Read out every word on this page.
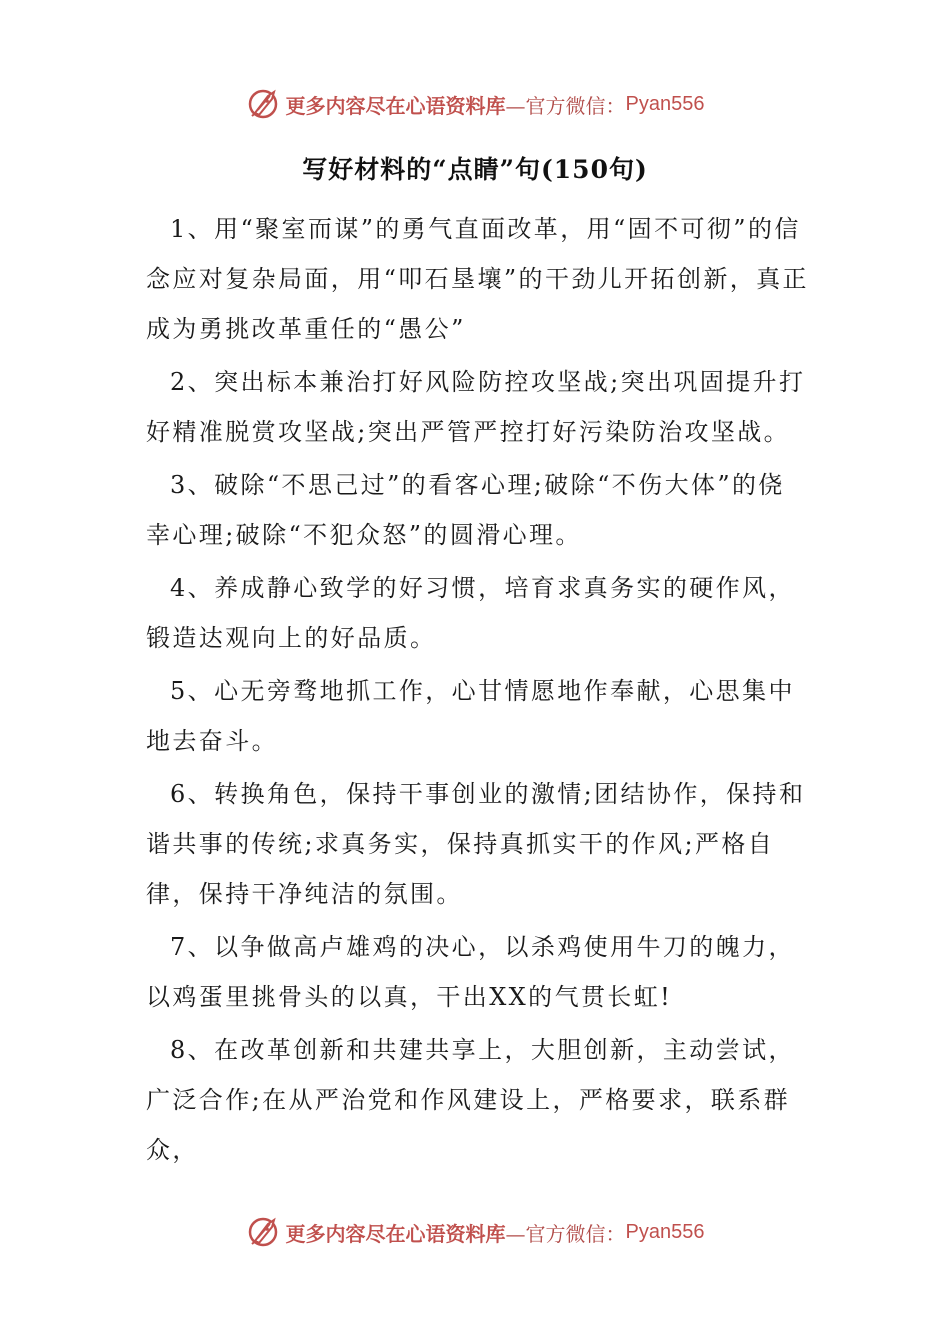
更多内容尽在心语资料库 —官方微信： Pyan556
写好材料的“点睛”句(150句)

1、用“聚室而谋”的勇气直面改革，用“固不可彻”的信念应对复杂局面，用“叩石垦壤”的干劲儿开拓创新，真正成为勇挑改革重任的“愚公”

2、突出标本兼治打好风险防控攻坚战;突出巩固提升打好精准脱赏攻坚战;突出严管严控打好污染防治攻坚战。

3、破除“不思己过”的看客心理;破除“不伤大体”的侥幸心理;破除“不犯众怒”的圆滑心理。

4、养成静心致学的好习惯，培育求真务实的硬作风，锻造达观向上的好品质。

5、心无旁骛地抓工作，心甘情愿地作奉献，心思集中地去奋斗。

6、转换角色，保持干事创业的激情;团结协作，保持和谐共事的传统;求真务实，保持真抓实干的作风;严格自律，保持干净纯洁的氛围。

7、以争做高卢雄鸡的决心，以杀鸡使用牛刀的魄力，以鸡蛋里挑骨头的以真，干出XX的气贯长虹!

8、在改革创新和共建共享上，大胆创新，主动尝试，广泛合作;在从严治党和作风建设上，严格要求，联系群众，

更多内容尽在心语资料库 —官方微信： Pyan556
